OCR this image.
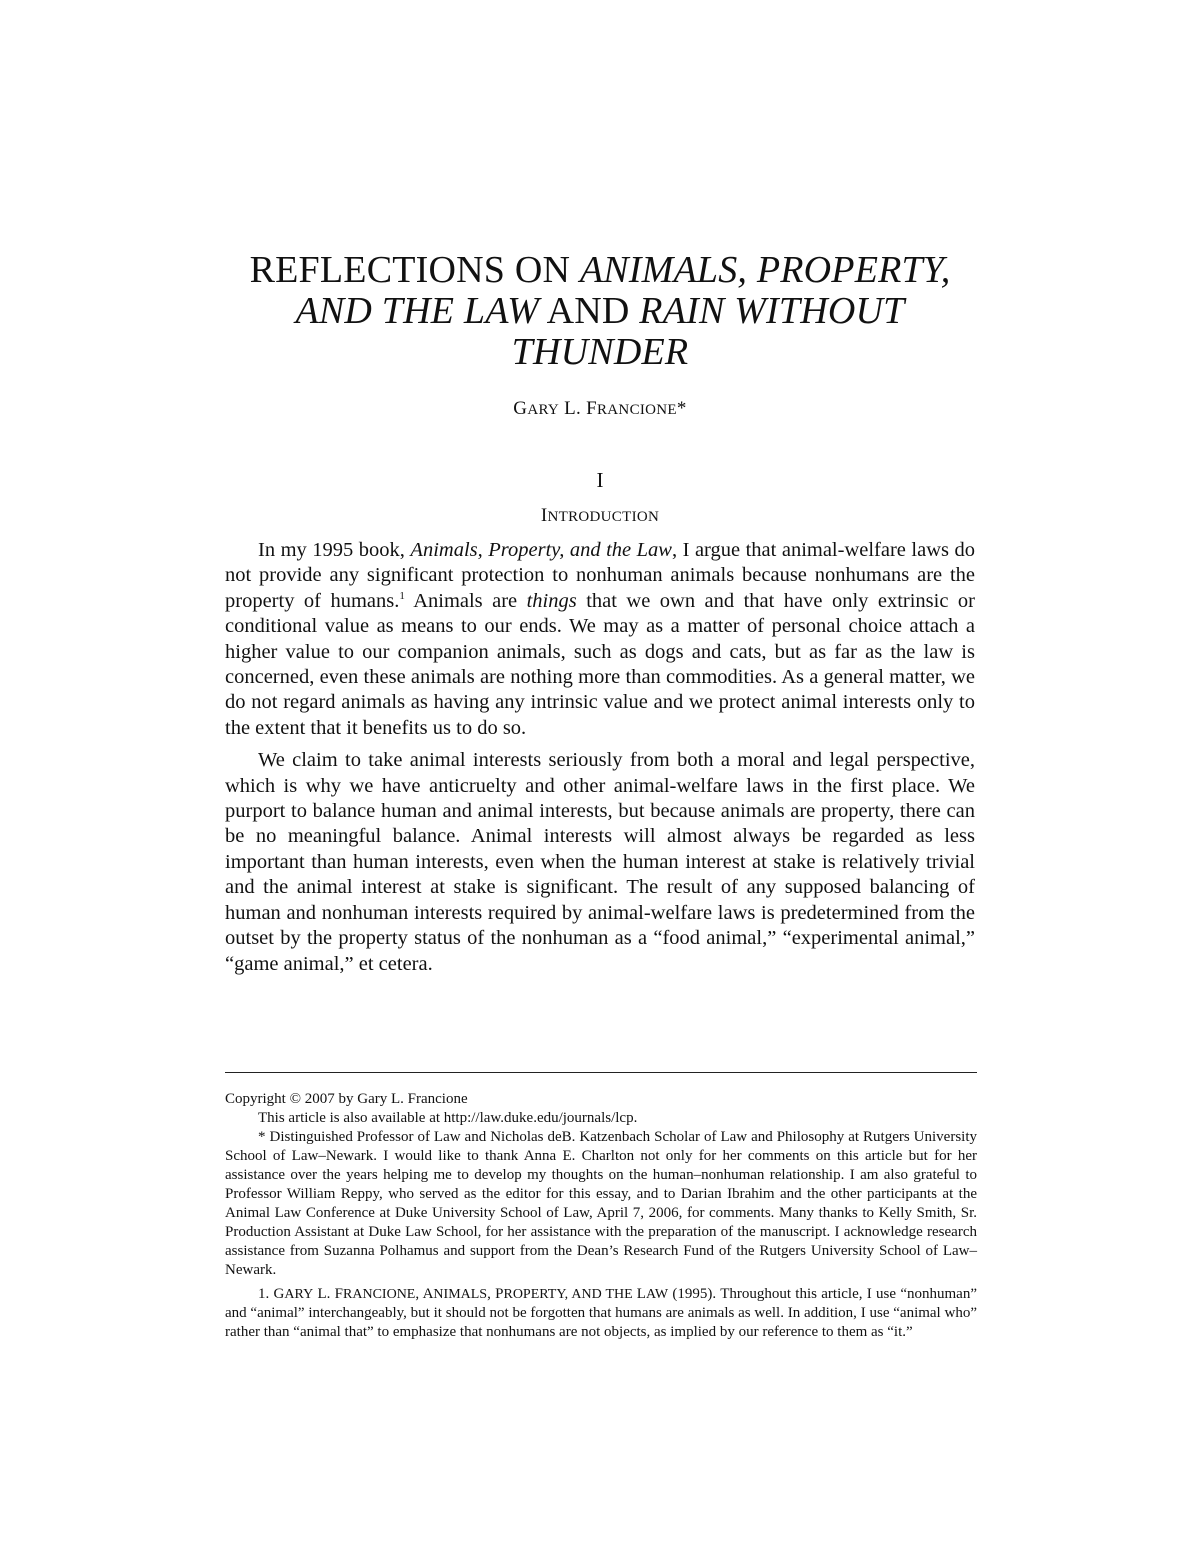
REFLECTIONS ON ANIMALS, PROPERTY,
AND THE LAW AND RAIN WITHOUT
THUNDER
GARY L. FRANCIONE*
I
INTRODUCTION

In my 1995 book, Animals, Property, and the Law, I argue that animal-welfare laws do not provide any significant protection to nonhuman animals because nonhumans are the property of humans.$^1$ Animals are things that we own and that have only extrinsic or conditional value as means to our ends. We may as a matter of personal choice attach a higher value to our companion animals, such as dogs and cats, but as far as the law is concerned, even these animals are nothing more than commodities. As a general matter, we do not regard animals as having any intrinsic value and we protect animal interests only to the extent that it benefits us to do so.

We claim to take animal interests seriously from both a moral and legal perspective, which is why we have anticruelty and other animal-welfare laws in the first place. We purport to balance human and animal interests, but because animals are property, there can be no meaningful balance. Animal interests will almost always be regarded as less important than human interests, even when the human interest at stake is relatively trivial and the animal interest at stake is significant. The result of any supposed balancing of human and nonhuman interests required by animal-welfare laws is predetermined from the outset by the property status of the nonhuman as a “food animal,” “experimental animal,” “game animal,” et cetera.

Copyright © 2007 by Gary L. Francione

This article is also available at http://law.duke.edu/journals/lcp.

* Distinguished Professor of Law and Nicholas deB. Katzenbach Scholar of Law and Philosophy at Rutgers University School of Law–Newark. I would like to thank Anna E. Charlton not only for her comments on this article but for her assistance over the years helping me to develop my thoughts on the human–nonhuman relationship. I am also grateful to Professor William Reppy, who served as the editor for this essay, and to Darian Ibrahim and the other participants at the Animal Law Conference at Duke University School of Law, April 7, 2006, for comments. Many thanks to Kelly Smith, Sr. Production Assistant at Duke Law School, for her assistance with the preparation of the manuscript. I acknowledge research assistance from Suzanna Polhamus and support from the Dean’s Research Fund of the Rutgers University School of Law–Newark.

1. GARY L. FRANCIONE, ANIMALS, PROPERTY, AND THE LAW (1995). Throughout this article, I use “nonhuman” and “animal” interchangeably, but it should not be forgotten that humans are animals as well. In addition, I use “animal who” rather than “animal that” to emphasize that nonhumans are not objects, as implied by our reference to them as “it.”
